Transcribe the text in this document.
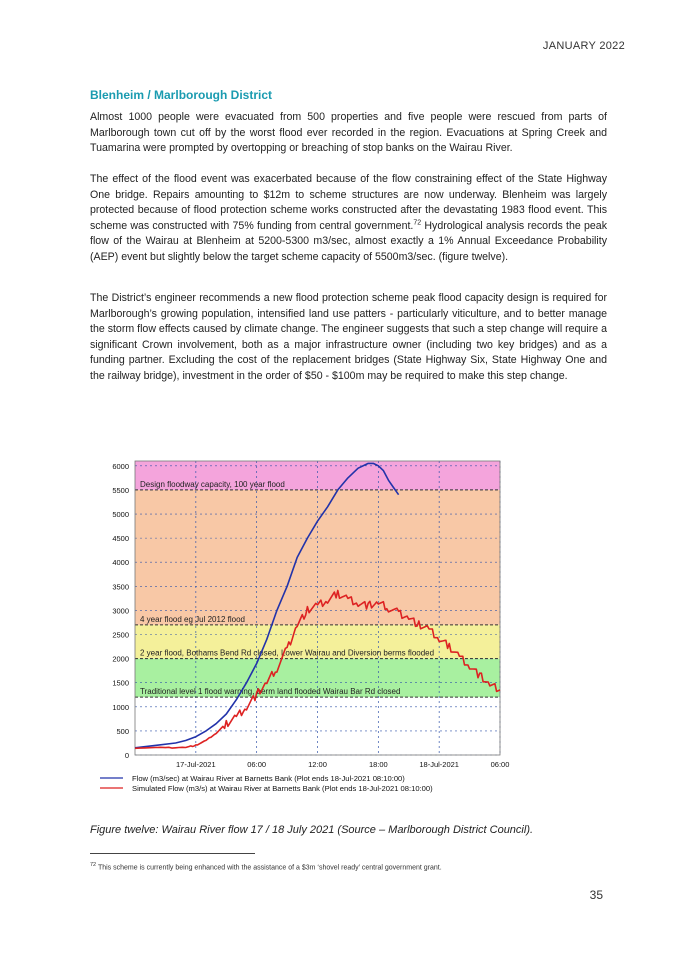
JANUARY 2022
Blenheim / Marlborough District

Almost 1000 people were evacuated from 500 properties and five people were rescued from parts of Marlborough town cut off by the worst flood ever recorded in the region. Evacuations at Spring Creek and Tuamarina were prompted by overtopping or breaching of stop banks on the Wairau River.

The effect of the flood event was exacerbated because of the flow constraining effect of the State Highway One bridge. Repairs amounting to $12m to scheme structures are now underway. Blenheim was largely protected because of flood protection scheme works constructed after the devastating 1983 flood event. This scheme was constructed with 75% funding from central government.$^{72}$ Hydrological analysis records the peak flow of the Wairau at Blenheim at 5200-5300 m3/sec, almost exactly a 1% Annual Exceedance Probability (AEP) event but slightly below the target scheme capacity of 5500m3/sec. (figure twelve).

The District’s engineer recommends a new flood protection scheme peak flood capacity design is required for Marlborough’s growing population, intensified land use patters - particularly viticulture, and to better manage the storm flow effects caused by climate change. The engineer suggests that such a step change will require a significant Crown involvement, both as a major infrastructure owner (including two key bridges) and as a funding partner. Excluding the cost of the replacement bridges (State Highway Six, State Highway One and the railway bridge), investment in the order of $50 - $100m may be required to make this step change.

0
500
1000
1500
2000
2500
3000
3500
4000
4500
5000
5500
6000
Design floodway capacity, 100 year flood
4 year flood eg Jul 2012 flood
2 year flood, Bothams Bend Rd closed, Lower Wairau and Diversion berms flooded
Traditional level 1 flood warning, berm land flooded Wairau Bar Rd closed
17-Jul-2021	06:00	12:00	18:00	18-Jul-2021	06:00
Flow (m3/sec) at Wairau River at Barnetts Bank (Plot ends 18-Jul-2021 08:10:00)
Simulated Flow (m3/s) at Wairau River at Barnetts Bank (Plot ends 18-Jul-2021 08:10:00)
Figure twelve: Wairau River flow 17 / 18 July 2021 (Source – Marlborough District Council).
$^{72}$ This scheme is currently being enhanced with the assistance of a $3m ‘shovel ready’ central government grant.
35
